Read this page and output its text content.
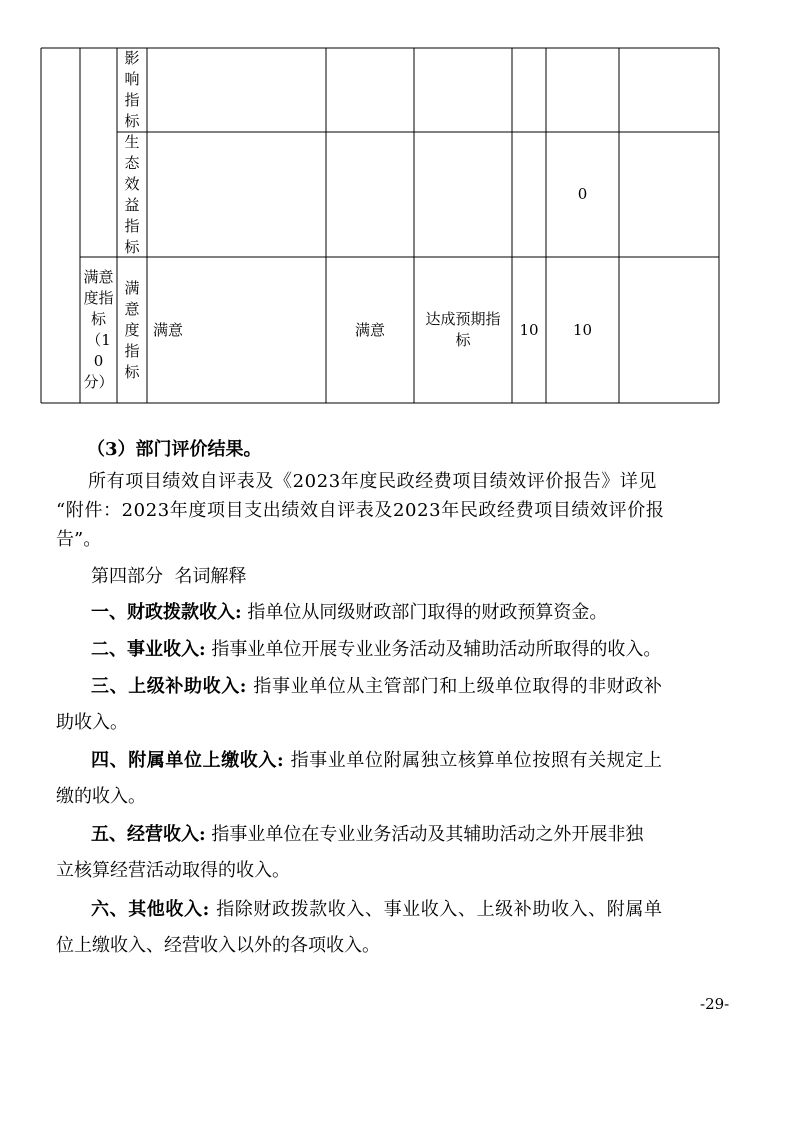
影响指标
生态效益指标
0
满意度指标（10分）
满意度指标
满意	满意
达成预期指标
10 10

（3）部门评价结果。

所有项目绩效自评表及《2023年度民政经费项目绩效评价报告》详见

“附件：2023年度项目支出绩效自评表及2023年民政经费项目绩效评价报

告”。

第四部分  名词解释

一、财政拨款收入: 指单位从同级财政部门取得的财政预算资金。

二、事业收入: 指事业单位开展专业业务活动及辅助活动所取得的收入。

三、上级补助收入: 指事业单位从主管部门和上级单位取得的非财政补

助收入。

四、附属单位上缴收入: 指事业单位附属独立核算单位按照有关规定上

缴的收入。

五、经营收入: 指事业单位在专业业务活动及其辅助活动之外开展非独

立核算经营活动取得的收入。

六、其他收入: 指除财政拨款收入、事业收入、上级补助收入、附属单

位上缴收入、经营收入以外的各项收入。

-29-
